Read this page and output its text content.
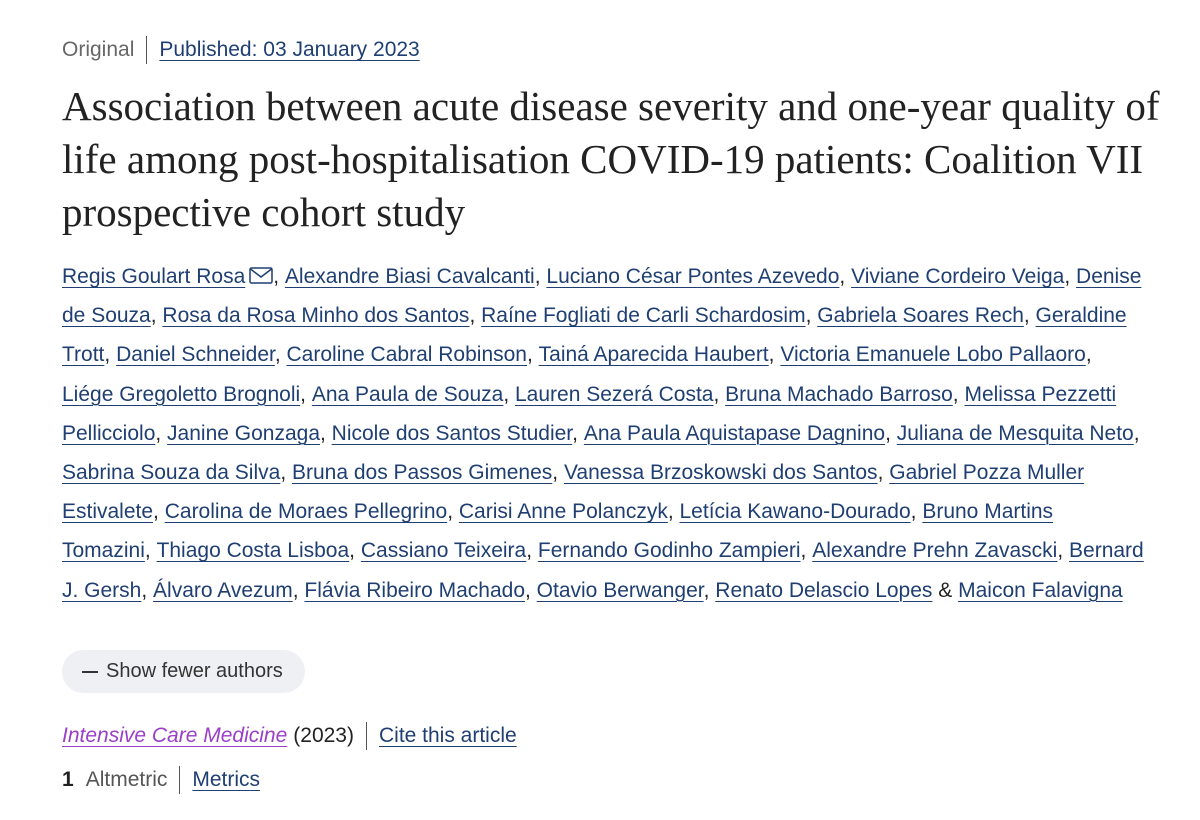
Original Published: 03 January 2023
Association between acute disease severity and one-year quality of life among post-hospitalisation COVID-19 patients: Coalition VII prospective cohort study
Regis Goulart Rosa , Alexandre Biasi Cavalcanti, Luciano César Pontes Azevedo, Viviane Cordeiro Veiga, Denise de Souza, Rosa da Rosa Minho dos Santos, Raíne Fogliati de Carli Schardosim, Gabriela Soares Rech, Geraldine Trott, Daniel Schneider, Caroline Cabral Robinson, Tainá Aparecida Haubert, Victoria Emanuele Lobo Pallaoro, Liége Gregoletto Brognoli, Ana Paula de Souza, Lauren Sezerá Costa, Bruna Machado Barroso, Melissa Pezzetti Pellicciolo, Janine Gonzaga, Nicole dos Santos Studier, Ana Paula Aquistapase Dagnino, Juliana de Mesquita Neto, Sabrina Souza da Silva, Bruna dos Passos Gimenes, Vanessa Brzoskowski dos Santos, Gabriel Pozza Muller Estivalete, Carolina de Moraes Pellegrino, Carisi Anne Polanczyk, Letícia Kawano-Dourado, Bruno Martins Tomazini, Thiago Costa Lisboa, Cassiano Teixeira, Fernando Godinho Zampieri, Alexandre Prehn Zavascki, Bernard J. Gersh, Álvaro Avezum, Flávia Ribeiro Machado, Otavio Berwanger, Renato Delascio Lopes & Maicon Falavigna
Show fewer authors
Intensive Care Medicine (2023) Cite this article
1 Altmetric Metrics
